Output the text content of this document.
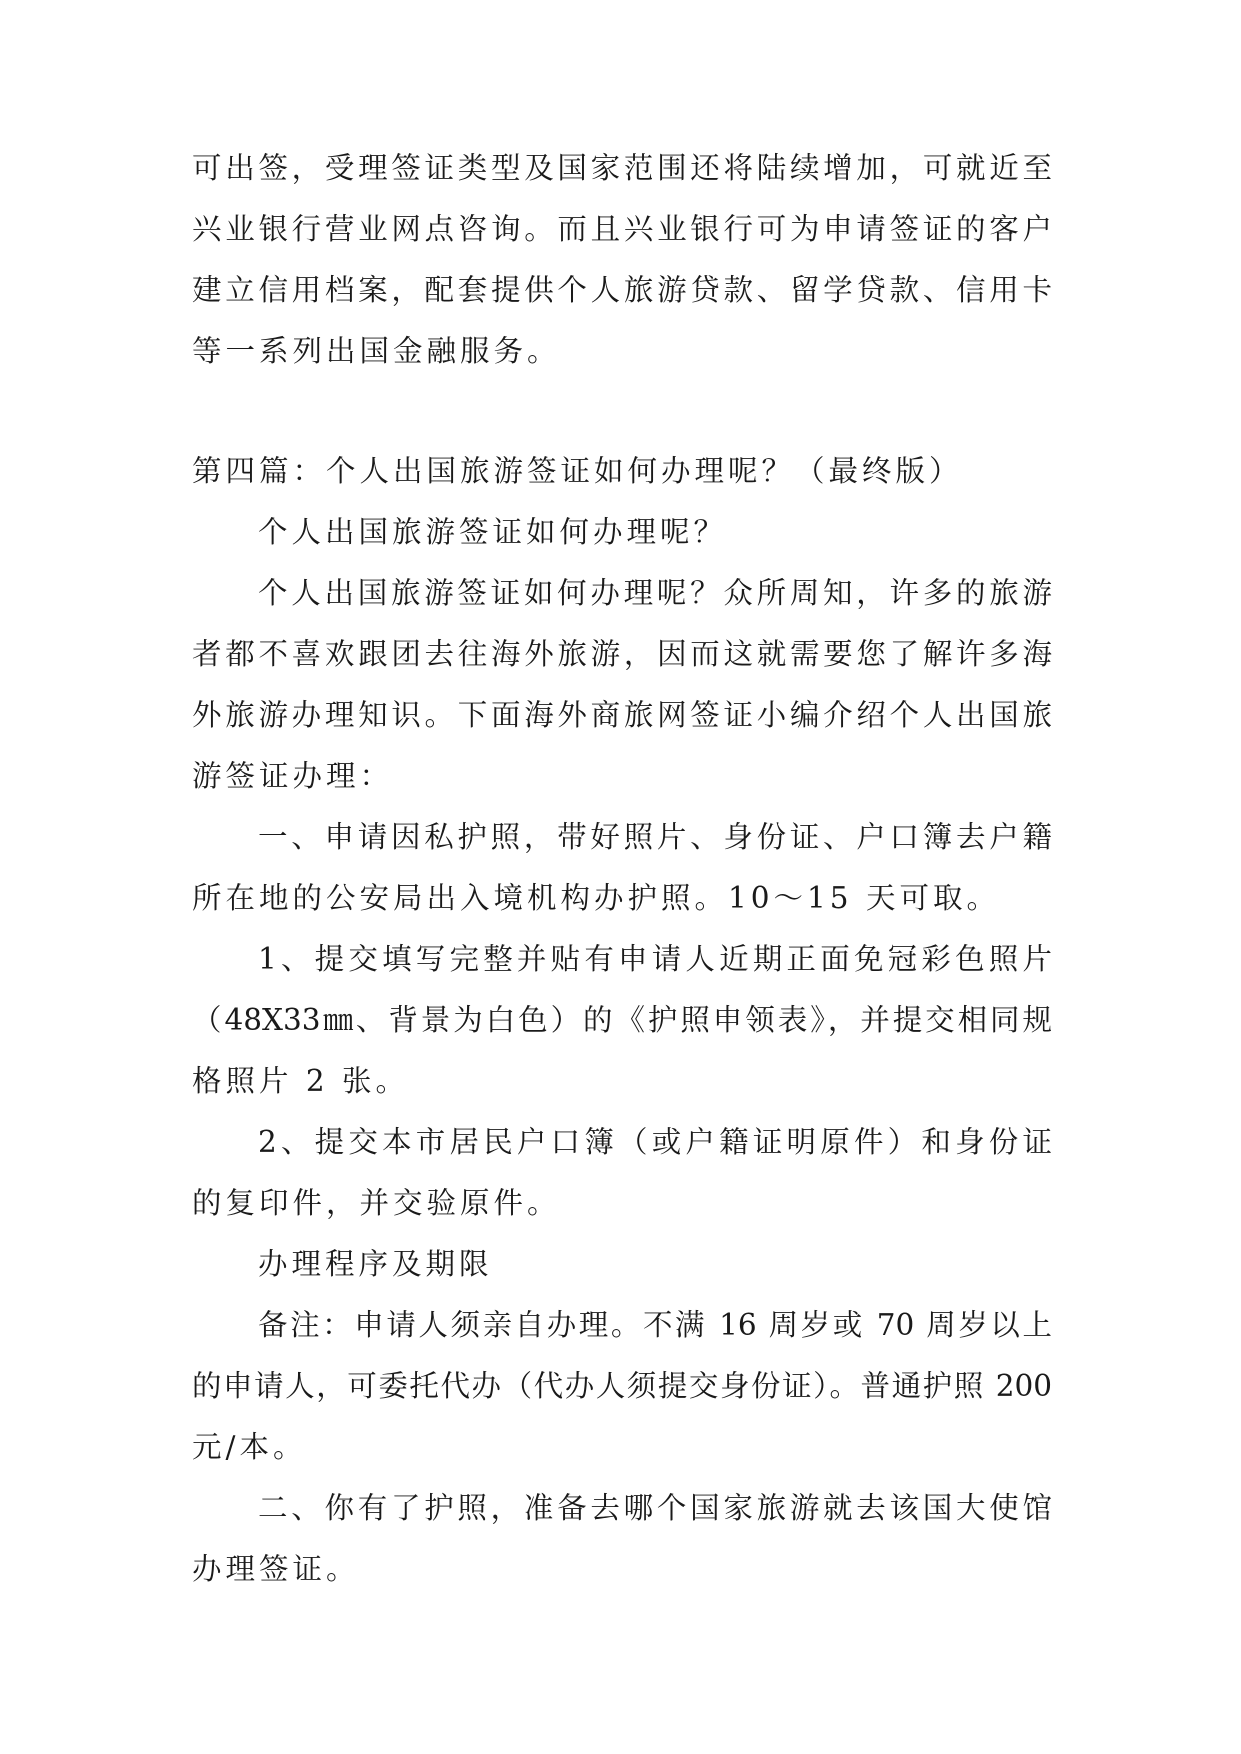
可出签，受理签证类型及国家范围还将陆续增加，可就近至
兴业银行营业网点咨询。而且兴业银行可为申请签证的客户
建立信用档案，配套提供个人旅游贷款、留学贷款、信用卡
等一系列出国金融服务。
第四篇：个人出国旅游签证如何办理呢？（最终版）
个人出国旅游签证如何办理呢？
个人出国旅游签证如何办理呢？众所周知，许多的旅游
者都不喜欢跟团去往海外旅游，因而这就需要您了解许多海
外旅游办理知识。下面海外商旅网签证小编介绍个人出国旅
游签证办理：
一、申请因私护照，带好照片、身份证、户口簿去户籍
所在地的公安局出入境机构办护照。10～15 天可取。
1、提交填写完整并贴有申请人近期正面免冠彩色照片
（48X33㎜、背景为白色）的《护照申领表》，并提交相同规
格照片 2 张。
2、提交本市居民户口簿（或户籍证明原件）和身份证
的复印件，并交验原件。
办理程序及期限
备注：申请人须亲自办理。不满 16 周岁或 70 周岁以上
的申请人，可委托代办（代办人须提交身份证）。普通护照 200
元/本。
二、你有了护照，准备去哪个国家旅游就去该国大使馆
办理签证。
